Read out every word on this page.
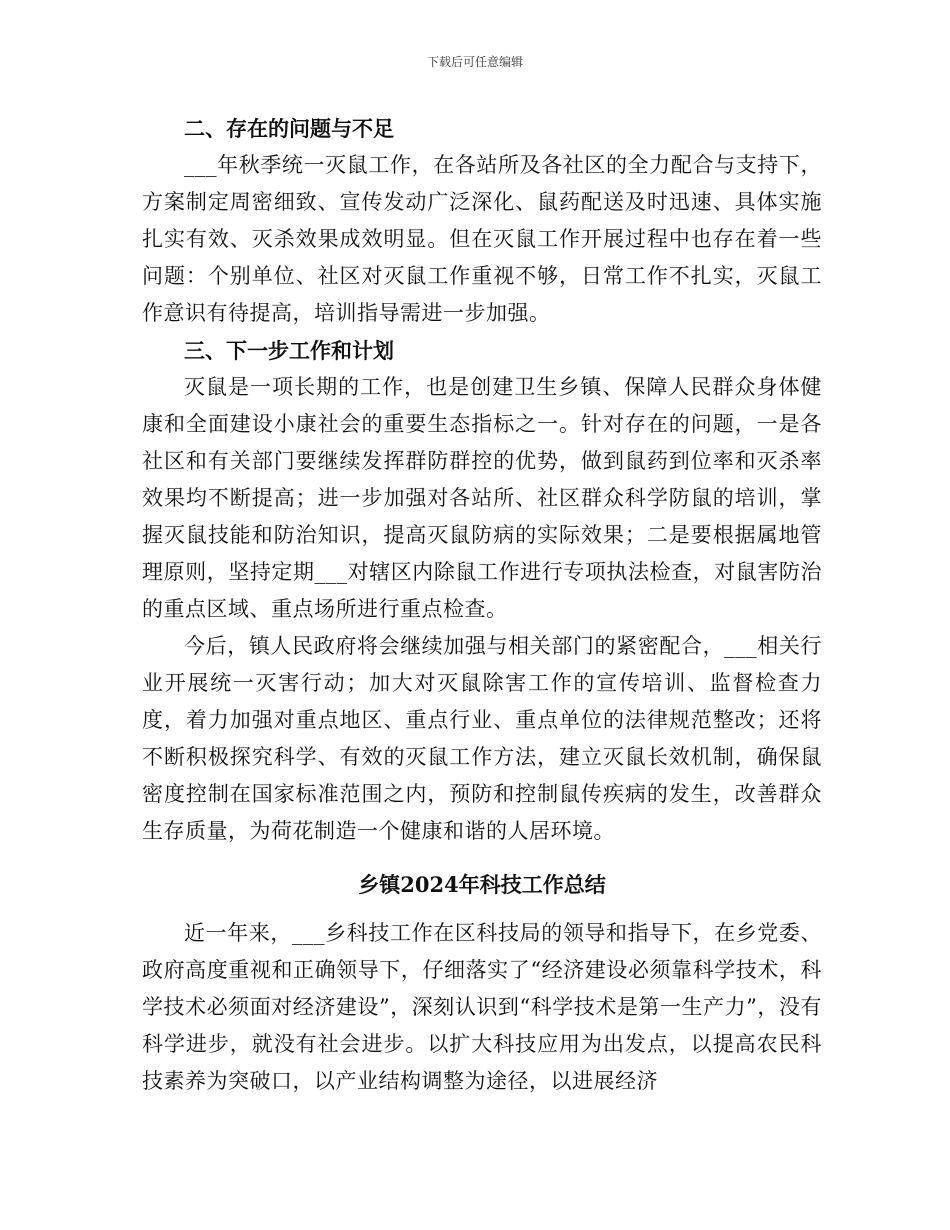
下载后可任意编辑

二、存在的问题与不足

___年秋季统一灭鼠工作，在各站所及各社区的全力配合与支持下，方案制定周密细致、宣传发动广泛深化、鼠药配送及时迅速、具体实施扎实有效、灭杀效果成效明显。但在灭鼠工作开展过程中也存在着一些问题：个别单位、社区对灭鼠工作重视不够，日常工作不扎实，灭鼠工作意识有待提高，培训指导需进一步加强。

三、下一步工作和计划

灭鼠是一项长期的工作，也是创建卫生乡镇、保障人民群众身体健康和全面建设小康社会的重要生态指标之一。针对存在的问题，一是各社区和有关部门要继续发挥群防群控的优势，做到鼠药到位率和灭杀率效果均不断提高；进一步加强对各站所、社区群众科学防鼠的培训，掌握灭鼠技能和防治知识，提高灭鼠防病的实际效果；二是要根据属地管理原则，坚持定期___对辖区内除鼠工作进行专项执法检查，对鼠害防治的重点区域、重点场所进行重点检查。

今后，镇人民政府将会继续加强与相关部门的紧密配合，___相关行业开展统一灭害行动；加大对灭鼠除害工作的宣传培训、监督检查力度，着力加强对重点地区、重点行业、重点单位的法律规范整改；还将不断积极探究科学、有效的灭鼠工作方法，建立灭鼠长效机制，确保鼠密度控制在国家标准范围之内，预防和控制鼠传疾病的发生，改善群众生存质量，为荷花制造一个健康和谐的人居环境。

乡镇2024年科技工作总结

近一年来，___乡科技工作在区科技局的领导和指导下，在乡党委、政府高度重视和正确领导下，仔细落实了“经济建设必须靠科学技术，科学技术必须面对经济建设”，深刻认识到“科学技术是第一生产力”，没有科学进步，就没有社会进步。以扩大科技应用为出发点，以提高农民科技素养为突破口，以产业结构调整为途径，以进展经济
